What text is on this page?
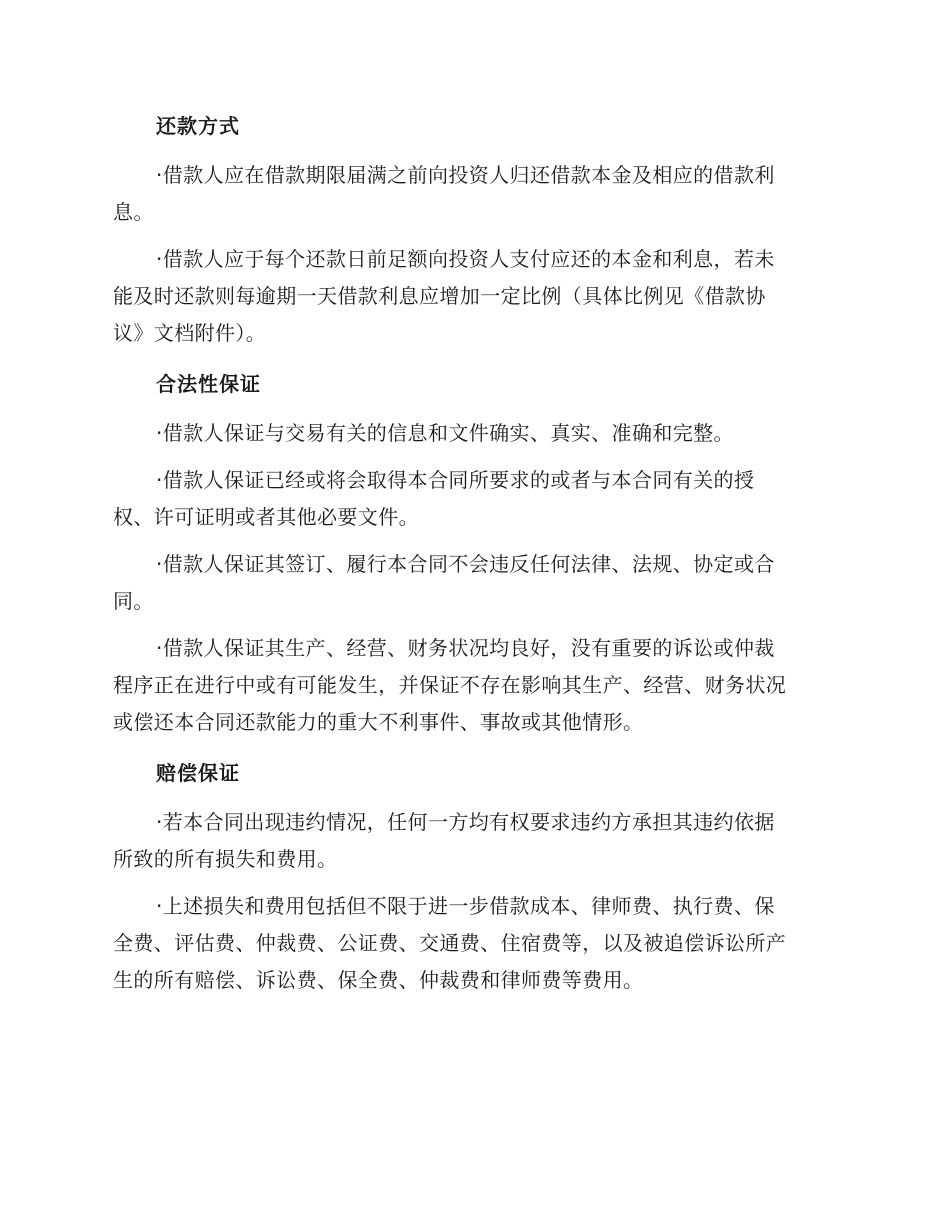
还款方式
·借款人应在借款期限届满之前向投资人归还借款本金及相应的借款利
息。
·借款人应于每个还款日前足额向投资人支付应还的本金和利息，若未
能及时还款则每逾期一天借款利息应增加一定比例（具体比例见《借款协
议》文档附件）。
合法性保证
·借款人保证与交易有关的信息和文件确实、真实、准确和完整。
·借款人保证已经或将会取得本合同所要求的或者与本合同有关的授
权、许可证明或者其他必要文件。
·借款人保证其签订、履行本合同不会违反任何法律、法规、协定或合
同。
·借款人保证其生产、经营、财务状况均良好，没有重要的诉讼或仲裁
程序正在进行中或有可能发生，并保证不存在影响其生产、经营、财务状况
或偿还本合同还款能力的重大不利事件、事故或其他情形。
赔偿保证
·若本合同出现违约情况，任何一方均有权要求违约方承担其违约依据
所致的所有损失和费用。
·上述损失和费用包括但不限于进一步借款成本、律师费、执行费、保
全费、评估费、仲裁费、公证费、交通费、住宿费等，以及被追偿诉讼所产
生的所有赔偿、诉讼费、保全费、仲裁费和律师费等费用。
